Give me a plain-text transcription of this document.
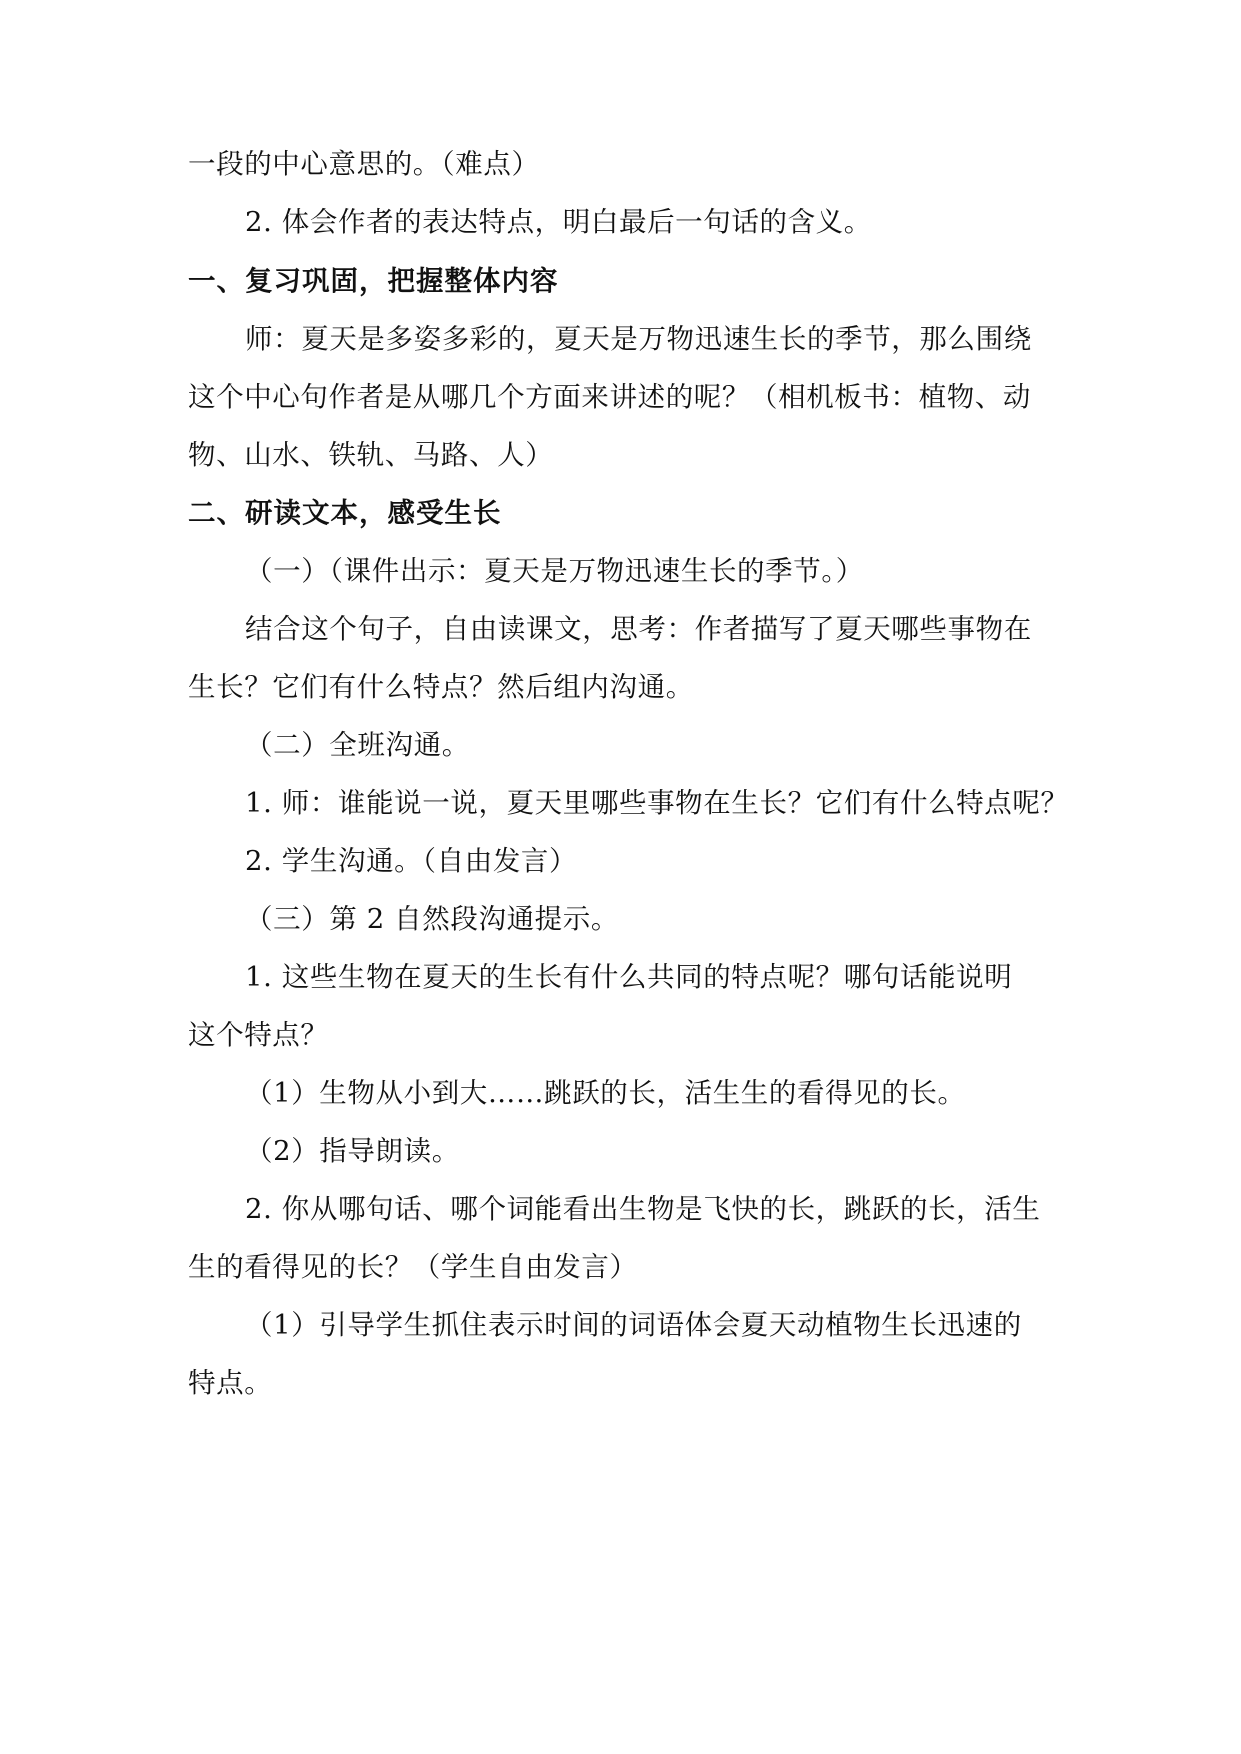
一段的中心意思的。（难点）
2. 体会作者的表达特点，明白最后一句话的含义。
一、复习巩固，把握整体内容
师：夏天是多姿多彩的，夏天是万物迅速生长的季节，那么围绕
这个中心句作者是从哪几个方面来讲述的呢？（相机板书：植物、动
物、山水、铁轨、马路、人）
二、研读文本，感受生长
（一）（课件出示：夏天是万物迅速生长的季节。）
结合这个句子，自由读课文，思考：作者描写了夏天哪些事物在
生长？它们有什么特点？然后组内沟通。
（二）全班沟通。
1. 师：谁能说一说，夏天里哪些事物在生长？它们有什么特点呢？
2. 学生沟通。（自由发言）
（三）第 2 自然段沟通提示。
1. 这些生物在夏天的生长有什么共同的特点呢？哪句话能说明
这个特点？
（1）生物从小到大……跳跃的长，活生生的看得见的长。
（2）指导朗读。
2. 你从哪句话、哪个词能看出生物是飞快的长，跳跃的长，活生
生的看得见的长？（学生自由发言）
（1）引导学生抓住表示时间的词语体会夏天动植物生长迅速的
特点。
